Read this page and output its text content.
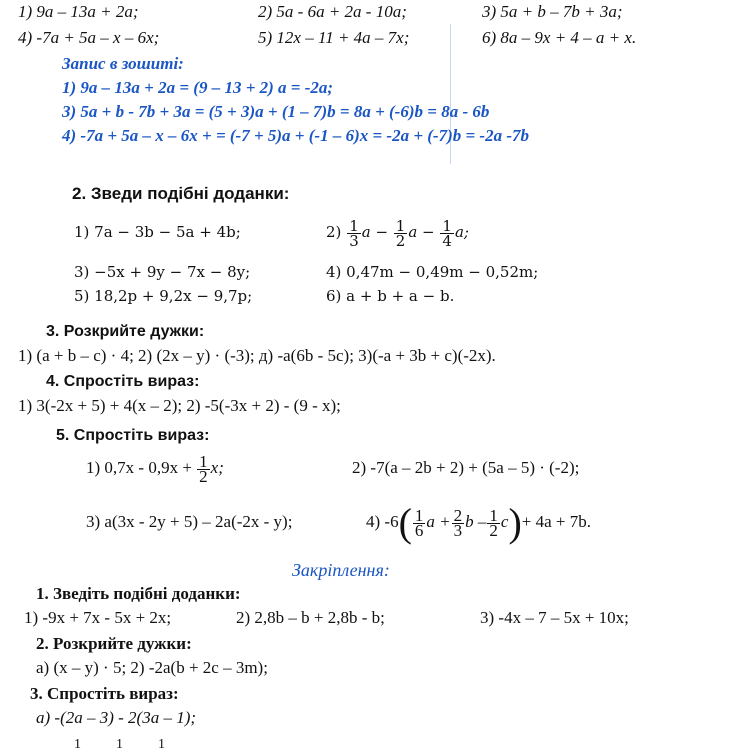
1) 9a – 13a + 2a;	2) 5a - 6a + 2a - 10a;	3) 5a + b – 7b + 3a;
4) -7a + 5a – x – 6x;	5) 12x – 11 + 4a – 7x;	6) 8a – 9x + 4 – a + x.
Запис в зошиті:
1) 9a – 13a + 2a = (9 – 13 + 2) a = -2a;
3) 5a + b - 7b + 3a = (5 + 3)a + (1 – 7)b = 8a + (-6)b = 8a - 6b
4) -7a + 5a – x – 6x + = (-7 + 5)a + (-1 – 6)x = -2a + (-7)b = -2a -7b
2. Зведи подібні доданки:
1) 7a − 3b − 5a + 4b;	$2) \frac{1}{3}$ $a - \frac{1}{2}$ $a - \frac{1}{4} a$;
3) −5x + 9y − 7x − 8y;	4) 0,47m − 0,49m − 0,52m;
5) 18,2p + 9,2x − 9,7p;	6) a + b + a − b.
3. Розкрийте дужки:
1) (a + b – c) · 4; 2) (2x – y) · (-3); д) -a(6b - 5c); 3)(-a + 3b + c)(-2x).
4. Спростіть вираз:
1) 3(-2x + 5) + 4(x – 2); 2) -5(-3x + 2) - (9 - x);
5. Спростіть вираз:
1) $0,7x - 0,9x + \frac{1}{2} x$;	2) -7(a – 2b + 2) + (5a – 5) · (-2);
3) a(3x - 2y + 5) – 2a(-2x - y);	4) $-6( \frac{1}{6}$ $a + \frac{2}{3}$ $b - \frac{1}{2} c)+ 4a + 7b$.
Закріплення:
1. Зведіть подібні доданки:
1) -9x + 7x - 5x + 2x;	2) 2,8b – b + 2,8b - b;	3) -4x – 7 – 5x + 10x;
2. Розкрийте дужки:
а) (x – y) · 5; 2) -2a(b + 2c – 3m);
3. Спростіть вираз:
а) -(2a – 3) - 2(3a – 1);
1          1          1
